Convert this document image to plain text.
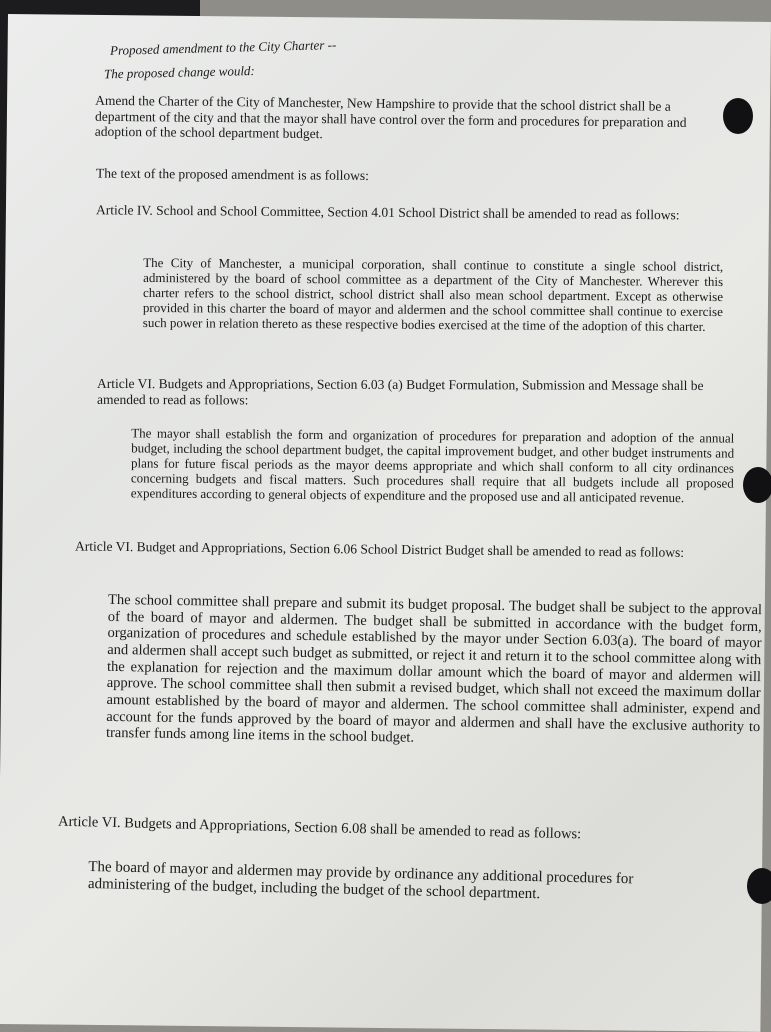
Proposed amendment to the City Charter --

The proposed change would:

Amend the Charter of the City of Manchester, New Hampshire to provide that the school district shall be a department of the city and that the mayor shall have control over the form and procedures for preparation and adoption of the school department budget.

The text of the proposed amendment is as follows:

Article IV. School and School Committee, Section 4.01 School District shall be amended to read as follows:

The City of Manchester, a municipal corporation, shall continue to constitute a single school district, administered by the board of school committee as a department of the City of Manchester. Wherever this charter refers to the school district, school district shall also mean school department. Except as otherwise provided in this charter the board of mayor and aldermen and the school committee shall continue to exercise such power in relation thereto as these respective bodies exercised at the time of the adoption of this charter.

Article VI. Budgets and Appropriations, Section 6.03 (a) Budget Formulation, Submission and Message shall be amended to read as follows:

The mayor shall establish the form and organization of procedures for preparation and adoption of the annual budget, including the school department budget, the capital improvement budget, and other budget instruments and plans for future fiscal periods as the mayor deems appropriate and which shall conform to all city ordinances concerning budgets and fiscal matters. Such procedures shall require that all budgets include all proposed expenditures according to general objects of expenditure and the proposed use and all anticipated revenue.

Article VI. Budget and Appropriations, Section 6.06 School District Budget shall be amended to read as follows:

The school committee shall prepare and submit its budget proposal. The budget shall be subject to the approval of the board of mayor and aldermen. The budget shall be submitted in accordance with the budget form, organization of procedures and schedule established by the mayor under Section 6.03(a). The board of mayor and aldermen shall accept such budget as submitted, or reject it and return it to the school committee along with the explanation for rejection and the maximum dollar amount which the board of mayor and aldermen will approve. The school committee shall then submit a revised budget, which shall not exceed the maximum dollar amount established by the board of mayor and aldermen. The school committee shall administer, expend and account for the funds approved by the board of mayor and aldermen and shall have the exclusive authority to transfer funds among line items in the school budget.

Article VI. Budgets and Appropriations, Section 6.08 shall be amended to read as follows:

The board of mayor and aldermen may provide by ordinance any additional procedures for administering of the budget, including the budget of the school department.
